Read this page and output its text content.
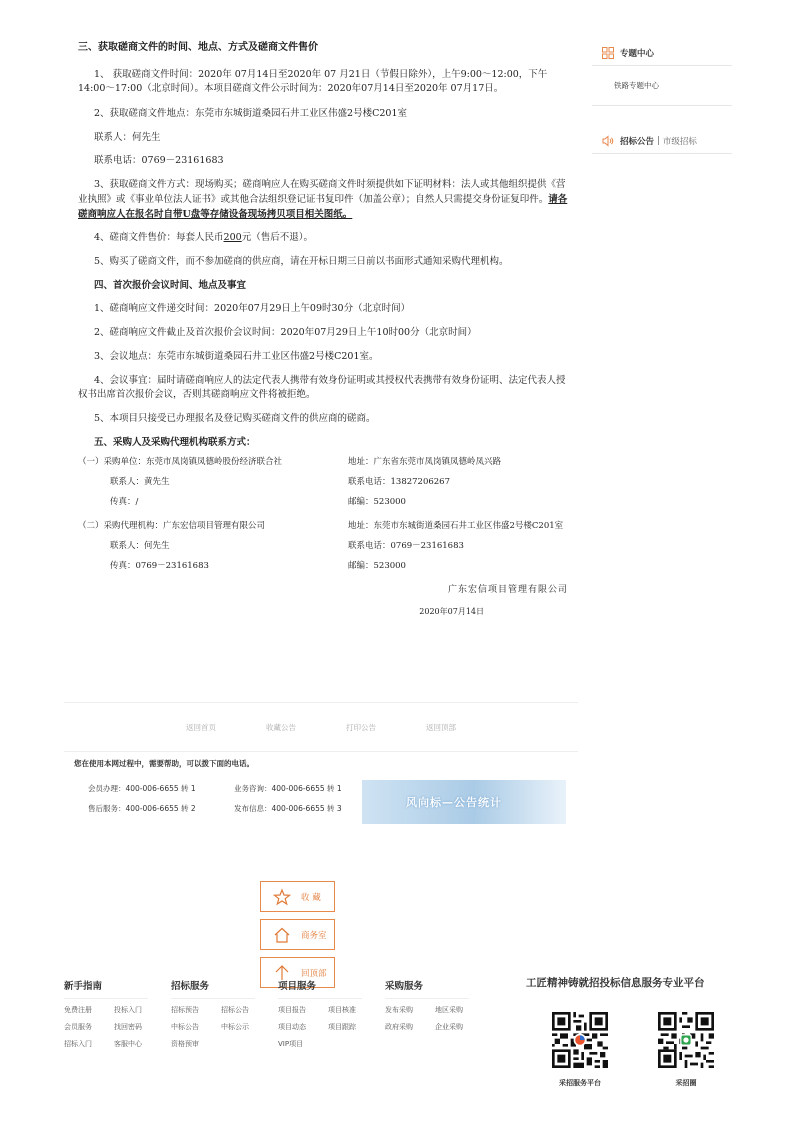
三、获取磋商文件的时间、地点、方式及磋商文件售价
1、 获取磋商文件时间：2020年 07月14日至2020年 07 月21日（节假日除外），上午9:00～12:00，下午14:00～17:00（北京时间）。本项目磋商文件公示时间为：2020年07月14日至2020年 07月17日。
2、获取磋商文件地点：东莞市东城街道桑园石井工业区伟盛2号楼C201室
联系人：何先生
联系电话：0769－23161683
3、获取磋商文件方式：现场购买；磋商响应人在购买磋商文件时须提供如下证明材料：法人或其他组织提供《营业执照》或《事业单位法人证书》或其他合法组织登记证书复印件（加盖公章）；自然人只需提交身份证复印件。请各磋商响应人在报名时自带U盘等存储设备现场拷贝项目相关图纸。
4、磋商文件售价：每套人民币200元（售后不退）。
5、购买了磋商文件，而不参加磋商的供应商，请在开标日期三日前以书面形式通知采购代理机构。
四、首次报价会议时间、地点及事宜
1、磋商响应文件递交时间：2020年07月29日上午09时30分（北京时间）
2、磋商响应文件截止及首次报价会议时间：2020年07月29日上午10时00分（北京时间）
3、会议地点：东莞市东城街道桑园石井工业区伟盛2号楼C201室。
4、会议事宜：届时请磋商响应人的法定代表人携带有效身份证明或其授权代表携带有效身份证明、法定代表人授权书出席首次报价会议，否则其磋商响应文件将被拒绝。
5、本项目只接受已办理报名及登记购买磋商文件的供应商的磋商。
五、采购人及采购代理机构联系方式：
（一）采购单位：东莞市凤岗镇凤德岭股份经济联合社	地址：广东省东莞市凤岗镇凤德岭凤兴路
联系人：黄先生	联系电话：13827206267
传真：/	邮编：523000
（二）采购代理机构：广东宏信项目管理有限公司	地址：东莞市东城街道桑园石井工业区伟盛2号楼C201室
联系人：何先生	联系电话：0769－23161683
传真：0769－23161683	邮编：523000
广东宏信项目管理有限公司
2020年07月14日
专题中心
铁路专题中心
招标公告 | 市级招标
返回首页	收藏公告	打印公告	返回顶部
您在使用本网过程中，需要帮助，可以拨下面的电话。
会员办理：400-006-6655 转 1
售后服务：400-006-6655 转 2
业务咨询：400-006-6655 转 1
发布信息：400-006-6655 转 3	风向标—公告统计
收 藏
商务室
回顶部
新手指南
免费注册	投标入门
会员服务	找回密码
招标入门	客服中心
招标服务
招标预告	招标公告
中标公告	中标公示
资格预审
项目服务
项目报告	项目核准
项目动态	项目跟踪
VIP项目
采购服务
发布采购	地区采购
政府采购	企业采购
工匠精神铸就招投标信息服务专业平台
采招服务平台	采招圈
